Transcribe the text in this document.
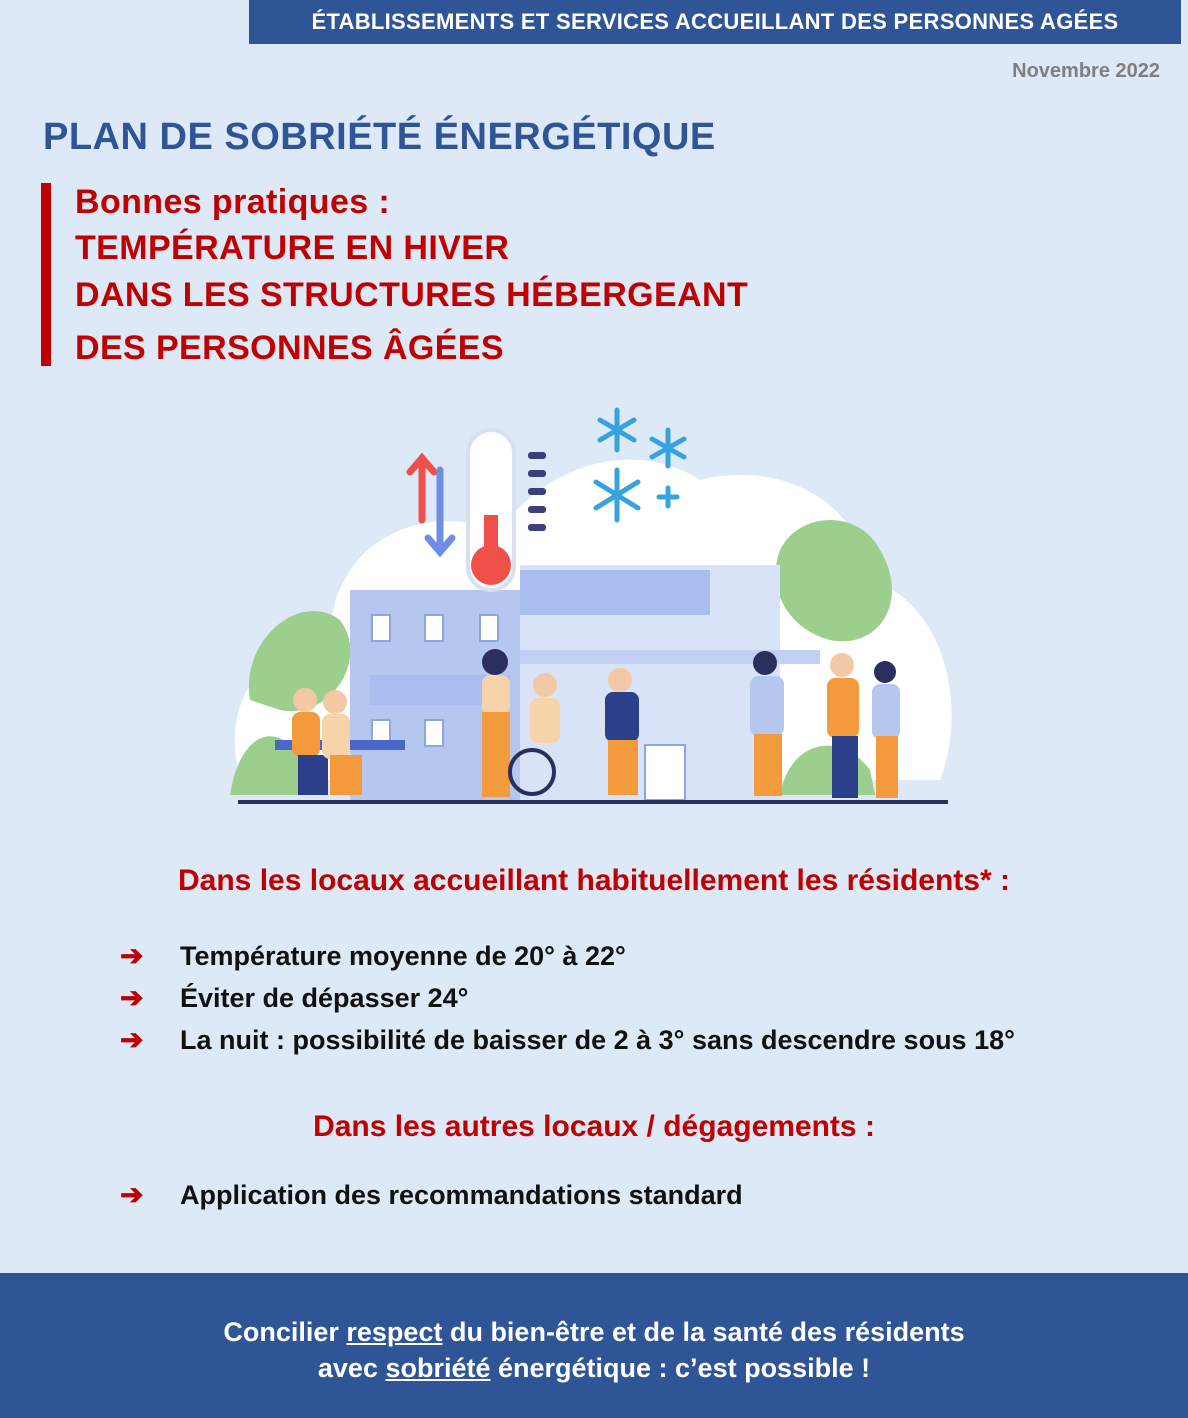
ÉTABLISSEMENTS ET SERVICES ACCUEILLANT DES PERSONNES AGÉES
Novembre 2022
PLAN DE SOBRIÉTÉ ÉNERGÉTIQUE
Bonnes pratiques :
TEMPÉRATURE EN HIVER
DANS LES STRUCTURES HÉBERGEANT
DES PERSONNES ÂGÉES
Dans les locaux accueillant habituellement les résidents* :
➔ Température moyenne de 20° à 22°
➔ Éviter de dépasser 24°
➔ La nuit : possibilité de baisser de 2 à 3° sans descendre sous 18°
Dans les autres locaux / dégagements :
➔ Application des recommandations standard
Concilier respect du bien-être et de la santé des résidents
avec sobriété énergétique : c’est possible !
